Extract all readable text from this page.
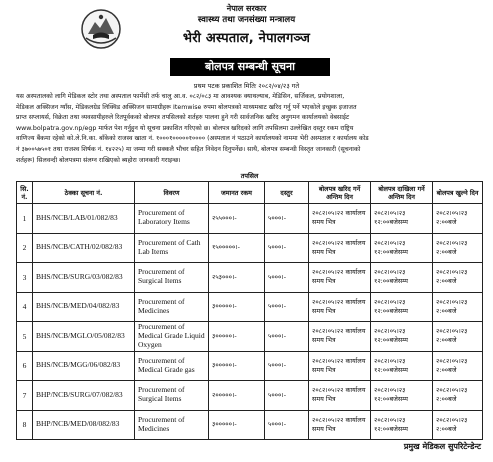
नेपाल सरकार
स्वास्थ्य तथा जनसंख्या मन्त्रालय
भेरी अस्पताल, नेपालगञ्ज
बोलपत्र सम्बन्धी सूचना
प्रथम पटक प्रकाशित मितिः २०८२/०४/२३ गते
यस अस्पतालको लागि मेडिकल स्टोर तथा अस्पताल फार्मेसी तर्फ चालु आ.व. ०८२/०८३ मा आवश्यक क्याथल्याब, मेडिसिन, सर्जिकल, प्रयोगशाला,
मेडिकल अक्सिजन ग्याँस, मेडिकलग्रेड लिक्विड अक्सिजन सामाग्रीहरू Itemwise रुपमा बोलपत्रको माध्यमबाट खरिद गर्नु पर्ने भएकोले इच्छुक इजाजत
प्राप्त सप्लायर्स, विक्रेता तथा व्यवसायीहरुले रितपूर्वकको बोलपत्र तपसिलको शर्तहरु पालना हुने गरी सार्वजनिक खरिद अनुगमन कार्यालयको वेबसाईट
www.bolpatra.gov.np/egp मार्फत पेश गर्नुहुन यो सूचना प्रकाशित गरिएको छ। बोलपत्र खरिदको लागि तपसिलमा उल्लेखित दस्तुर रकम राष्ट्रिय
वाणिज्य बैंकमा रहेको को.ले.नि.का. बाँकेको राजस्व खाता नं. १०००१०००००१०००० (अस्पताल नं पठाउने कार्यालयको नाममा भेरी अस्पताल र कार्यालय कोड
नं ३७००५७५०१ तथा राजश्व शिर्षक नं. १४२२५) मा जम्मा गरी सक्कलै भौचर सहित निवेदन दिनुपर्नेछ। साथै, बोलपत्र सम्बन्धी विस्तृत जानकारी (सूचनाको
शर्तहरू) सिलवन्दी बोलपत्रमा संलग्न राखिएको ब्यहोरा जानकारी गराइन्छ।
तपसिल							
सि. नं.	ठेक्का सूचना नं.	विवरण	जमानत रकम	दस्तुर	बोलपत्र खरिद गर्ने अन्तिम दिन	बोलपत्र दाखिला गर्ने अन्तिम दिन	बोलपत्र खुल्ने दिन
1	BHS/NCB/LAB/01/082/83	Procurement of Laboratory Items	२५५०००।-	५०००।-	२०८२।०५।२२ कार्यालय समय भित्र	२०८२।०५।२३ १२:००बजेसम्म	२०८२।०५।२३ २:००बजे
2	BHS/NCB/CATH/02/082/83	Procurement of Cath Lab Items	१५०००००।-	५०००।-	२०८२।०५।२२ कार्यालय समय भित्र	२०८२।०५।२३ १२:००बजेसम्म	२०८२।०५।२३ २:००बजे
3	BHS/NCB/SURG/03/082/83	Procurement of Surgical Items	२५३०००।-	५०००।-	२०८२।०५।२२ कार्यालय समय भित्र	२०८२।०५।२३ १२:००बजेसम्म	२०८२।०५।२३ २:००बजे
4	BHS/NCB/MED/04/082/83	Procurement of Medicines	३०००००।-	५०००।-	२०८२।०५।२२ कार्यालय समय भित्र	२०८२।०५।२३ १२:००बजेसम्म	२०८२।०५।२३ २:००बजे
5	BHS/NCB/MGLO/05/082/83	Procurement of Medical Grade Liquid Oxygen	३०००००।-	५०००।-	२०८२।०५।२२ कार्यालय समय भित्र	२०८२।०५।२३ १२:००बजेसम्म	२०८२।०५।२३ २:००बजे
6	BHS/NCB/MGG/06/082/83	Procurement of Medical Grade gas	३०००००।-	५०००।-	२०८२।०५।२२ कार्यालय समय भित्र	२०८२।०५।२३ १२:००बजेसम्म	२०८२।०५।२३ २:००बजे
7	BHP/NCB/SURG/07/082/83	Procurement of Surgical Items	२०००००।-	५०००।-	२०८२।०५।२२ कार्यालय समय भित्र	२०८२।०५।२३ १२:००बजेसम्म	२०८२।०५।२३ २:००बजे
8	BHP/NCB/MED/08/082/83	Procurement of Medicines	३०००००।-	५०००।-	२०८२।०५।२२ कार्यालय समय भित्र	२०८२।०५।२३ १२:००बजेसम्म	२०८२।०५।२३ २:००बजे
प्रमुख मेडिकल सुपरिटेन्डेन्ट
